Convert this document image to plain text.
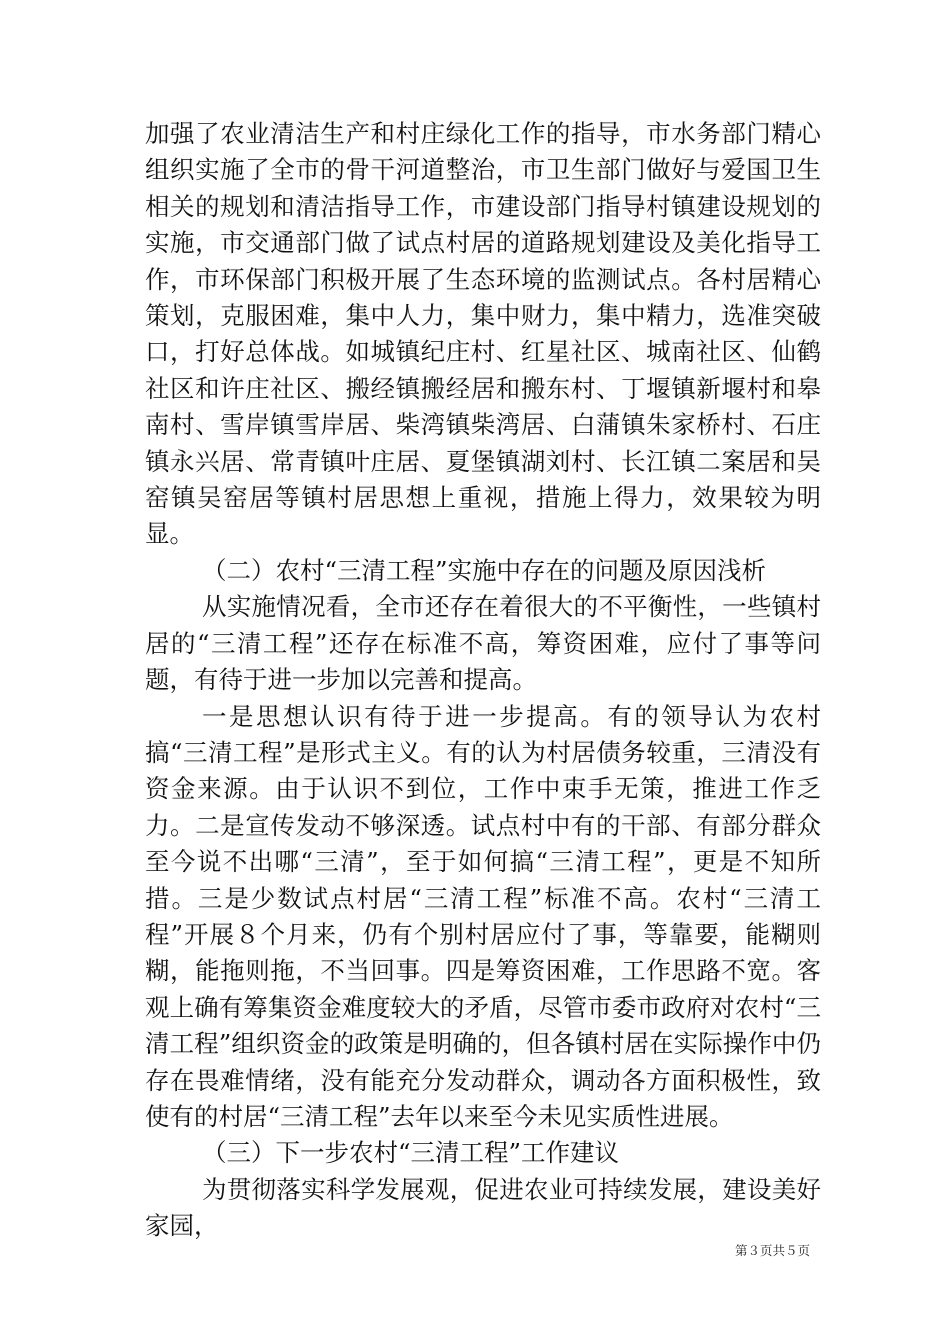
加强了农业清洁生产和村庄绿化工作的指导，市水务部门精心组织实施了全市的骨干河道整治，市卫生部门做好与爱国卫生相关的规划和清洁指导工作，市建设部门指导村镇建设规划的实施，市交通部门做了试点村居的道路规划建设及美化指导工作，市环保部门积极开展了生态环境的监测试点。各村居精心策划，克服困难，集中人力，集中财力，集中精力，选准突破口，打好总体战。如城镇纪庄村、红星社区、城南社区、仙鹤社区和许庄社区、搬经镇搬经居和搬东村、丁堰镇新堰村和皋南村、雪岸镇雪岸居、柴湾镇柴湾居、白蒲镇朱家桥村、石庄镇永兴居、常青镇叶庄居、夏堡镇湖刘村、长江镇二案居和吴窑镇吴窑居等镇村居思想上重视，措施上得力，效果较为明显。

（二）农村“三清工程”实施中存在的问题及原因浅析

从实施情况看，全市还存在着很大的不平衡性，一些镇村居的“三清工程”还存在标准不高，筹资困难，应付了事等问题，有待于进一步加以完善和提高。

一是思想认识有待于进一步提高。有的领导认为农村搞“三清工程”是形式主义。有的认为村居债务较重，三清没有资金来源。由于认识不到位，工作中束手无策，推进工作乏力。二是宣传发动不够深透。试点村中有的干部、有部分群众至今说不出哪“三清”，至于如何搞“三清工程”，更是不知所措。三是少数试点村居“三清工程”标准不高。农村“三清工程”开展８个月来，仍有个别村居应付了事，等靠要，能糊则糊，能拖则拖，不当回事。四是筹资困难，工作思路不宽。客观上确有筹集资金难度较大的矛盾，尽管市委市政府对农村“三清工程”组织资金的政策是明确的，但各镇村居在实际操作中仍存在畏难情绪，没有能充分发动群众，调动各方面积极性，致使有的村居“三清工程”去年以来至今未见实质性进展。

（三）下一步农村“三清工程”工作建议

为贯彻落实科学发展观，促进农业可持续发展，建设美好家园，

第３页共５页
